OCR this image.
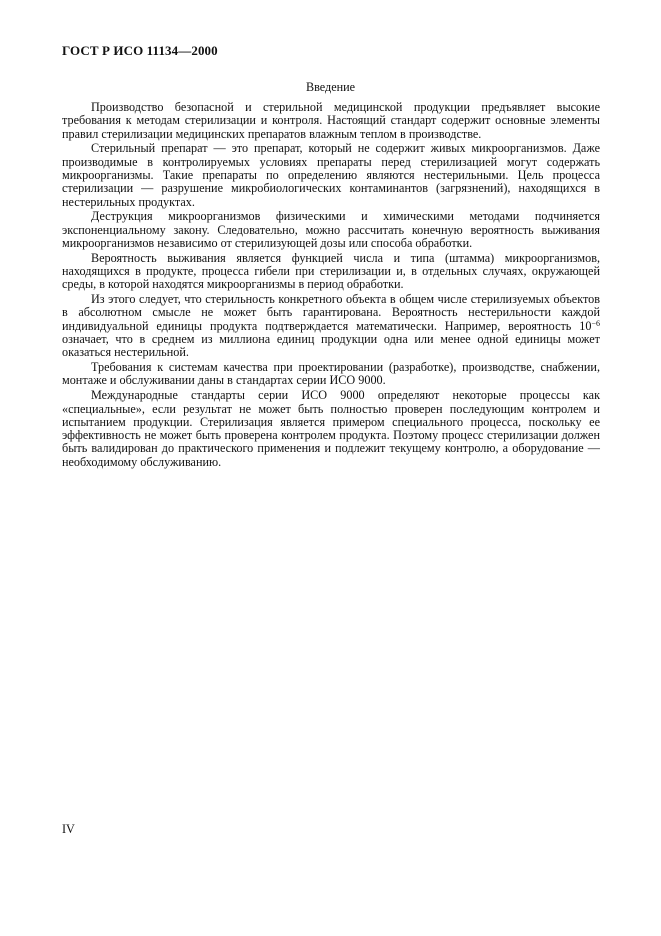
ГОСТ Р ИСО 11134—2000
Введение

Производство безопасной и стерильной медицинской продукции предъявляет высокие требования к методам стерилизации и контроля. Настоящий стандарт содержит основные элементы правил стерилизации медицинских препаратов влажным теплом в производстве.

Стерильный препарат — это препарат, который не содержит живых микроорганизмов. Даже производимые в контролируемых условиях препараты перед стерилизацией могут содержать микроорганизмы. Такие препараты по определению являются нестерильными. Цель процесса стерилизации — разрушение микробиологических контаминантов (загрязнений), находящихся в нестерильных продуктах.

Деструкция микроорганизмов физическими и химическими методами подчиняется экспоненциальному закону. Следовательно, можно рассчитать конечную вероятность выживания микроорганизмов независимо от стерилизующей дозы или способа обработки.

Вероятность выживания является функцией числа и типа (штамма) микроорганизмов, находящихся в продукте, процесса гибели при стерилизации и, в отдельных случаях, окружающей среды, в которой находятся микроорганизмы в период обработки.

Из этого следует, что стерильность конкретного объекта в общем числе стерилизуемых объектов в абсолютном смысле не может быть гарантирована. Вероятность нестерильности каждой индивидуальной единицы продукта подтверждается математически. Например, вероятность $10^{-6}$ означает, что в среднем из миллиона единиц продукции одна или менее одной единицы может оказаться нестерильной.

Требования к системам качества при проектировании (разработке), производстве, снабжении, монтаже и обслуживании даны в стандартах серии ИСО 9000.

Международные стандарты серии ИСО 9000 определяют некоторые процессы как «специальные», если результат не может быть полностью проверен последующим контролем и испытанием продукции. Стерилизация является примером специального процесса, поскольку ее эффективность не может быть проверена контролем продукта. Поэтому процесс стерилизации должен быть валидирован до практического применения и подлежит текущему контролю, а оборудование — необходимому обслуживанию.

IV
